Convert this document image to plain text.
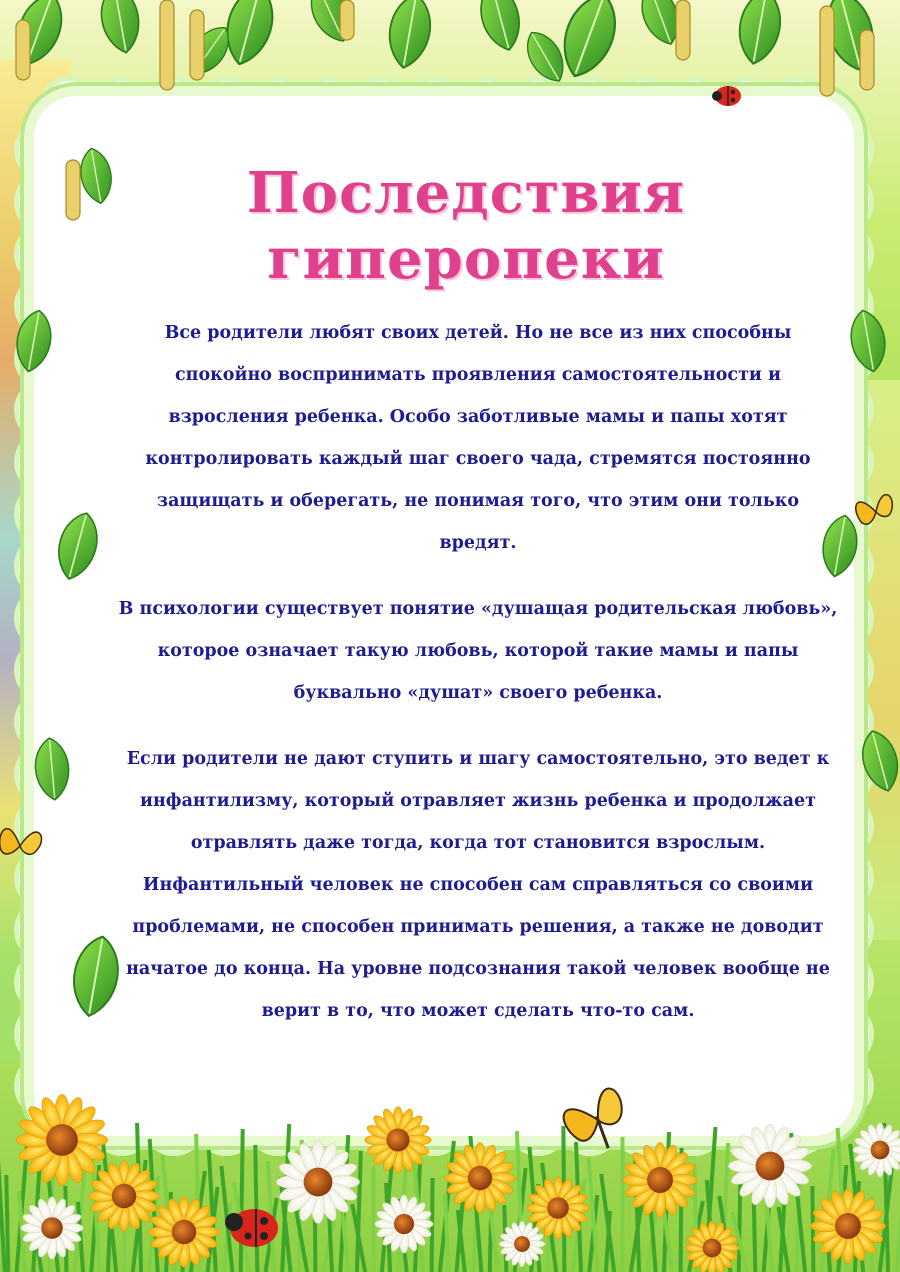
Последствия гиперопеки

Все родители любят своих детей. Но не все из них способны спокойно воспринимать проявления самостоятельности и взросления ребенка. Особо заботливые мамы и папы хотят контролировать каждый шаг своего чада, стремятся постоянно защищать и оберегать, не понимая того, что этим они только вредят.

В психологии существует понятие «душащая родительская любовь», которое означает такую любовь, которой такие мамы и папы буквально «душат» своего ребенка.

Если родители не дают ступить и шагу самостоятельно, это ведет к инфантилизму, который отравляет жизнь ребенка и продолжает отравлять даже тогда, когда тот становится взрослым. Инфантильный человек не способен сам справляться со своими проблемами, не способен принимать решения, а также не доводит начатое до конца. На уровне подсознания такой человек вообще не верит в то, что может сделать что-то сам.
